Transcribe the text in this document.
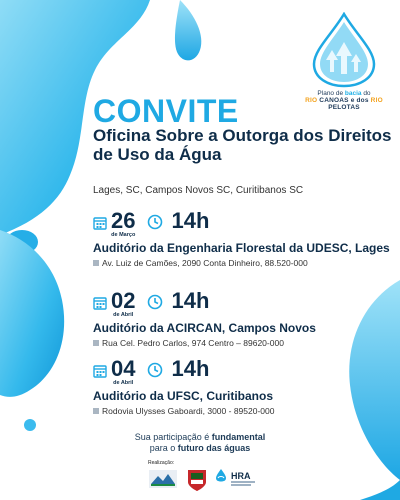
Plano de bacia do
RIO CANOAS e dos RIO PELOTAS
CONVITE
Oficina Sobre a Outorga dos Direitos de Uso da Água
Lages, SC, Campos Novos SC, Curitibanos SC
26
de Março
14h
Auditório da Engenharia Florestal da UDESC, Lages
Av. Luiz de Camões, 2090 Conta Dinheiro, 88.520-000
02
de Abril
14h
Auditório da ACIRCAN, Campos Novos
Rua Cel. Pedro Carlos, 974 Centro – 89620-000
04
de Abril
14h
Auditório da UFSC, Curitibanos
Rodovia Ulysses Gaboardi, 3000 - 89520-000
Sua participação é fundamental
para o futuro das águas
Realização:
HRA
